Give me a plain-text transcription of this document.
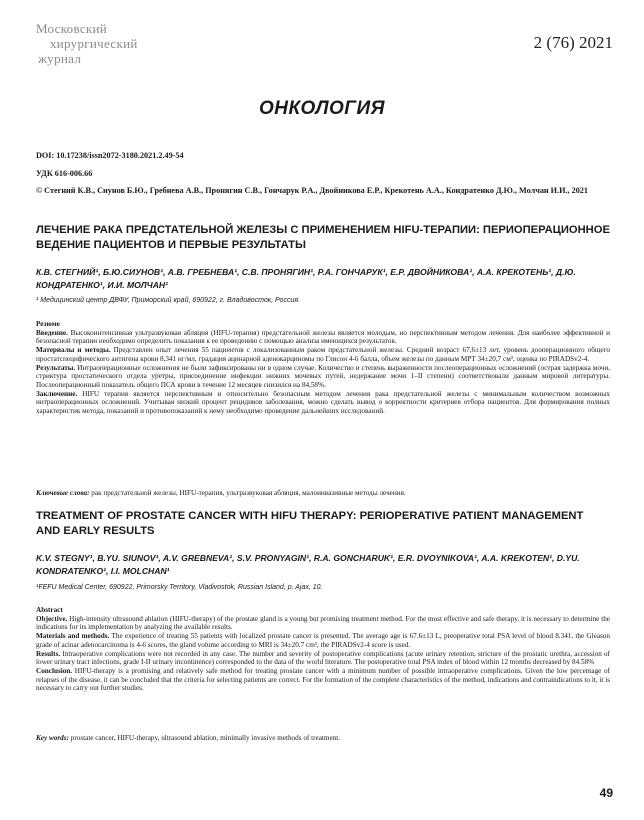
Московский
хирургический
журнал
2 (76) 2021
ОНКОЛОГИЯ
DOI: 10.17238/issn2072-3180.2021.2.49-54
УДК 616-006.66
© Стегний К.В., Сиунов Б.Ю., Гребнева А.В., Пронягин С.В., Гончарук Р.А., Двойникова Е.Р., Крекотень А.А., Кондратенко Д.Ю., Молчан И.И., 2021
ЛЕЧЕНИЕ РАКА ПРЕДСТАТЕЛЬНОЙ ЖЕЛЕЗЫ С ПРИМЕНЕНИЕМ HIFU-ТЕРАПИИ: ПЕРИОПЕРАЦИОННОЕ ВЕДЕНИЕ ПАЦИЕНТОВ И ПЕРВЫЕ РЕЗУЛЬТАТЫ
К.В. СТЕГНИЙ¹, Б.Ю.СИУНОВ¹, А.В. ГРЕБНЕВА¹, С.В. ПРОНЯГИН¹, Р.А. ГОНЧАРУК¹, Е.Р. ДВОЙНИКОВА¹, А.А. КРЕКОТЕНЬ¹, Д.Ю. КОНДРАТЕНКО¹, И.И. МОЛЧАН¹
¹ Медицинский центр ДВФУ, Приморский край, 690922, г. Владивосток, Россия.

Резюме

Введение. Высокоинтенсивная ультразвуковая абляция (HIFU-терапия) предстательной железы является молодым, но перспективным методом лечения. Для наиболее эффективной и безопасной терапии необходимо определить показания к ее проведению с помощью анализа имеющихся результатов.

Материалы и методы. Представлен опыт лечения 55 пациентов с локализованным раком предстательной железы. Средний возраст 67,6±13 лет, уровень дооперационного общего простатспецифического антигена крови 8,341 нг/мл, градация ацинарной аденокарциномы по Глисон 4-6 балла, объем железы по данным МРТ 34±20,7 см³, оценка по PIRADSv2-4.

Результаты. Интраоперационные осложнения не были зафиксированы ни в одном случае. Количество и степень выраженности послеоперационных осложнений (острая задержка мочи, стриктура простатического отдела уретры, присоединение инфекции нижних мочевых путей, недержание мочи 1–II степени) соответствовали данным мировой литературы. Послеоперационный показатель общего ПСА крови в течение 12 месяцев снизился на 84,58%.

Заключение. HIFU терапия является перспективным и относительно безопасным методом лечения рака предстательной железы с минимальным количеством возможных интраоперационных осложнений. Учитывая низкий процент рецидивов заболевания, можно сделать вывод о корректности критериев отбора пациентов. Для формирования полных характеристик метода, показаний и противопоказаний к нему необходимо проведение дальнейших исследований.

Ключевые слова: рак предстательной железы, HIFU-терапия, ультразвуковая абляция, малоинвазивные методы лечения.
TREATMENT OF PROSTATE CANCER WITH HIFU THERAPY: PERIOPERATIVE PATIENT MANAGEMENT AND EARLY RESULTS
K.V. STEGNY¹, B.YU. SIUNOV¹, A.V. GREBNEVA¹, S.V. PRONYAGIN¹, R.A. GONCHARUK¹, E.R. DVOYNIKOVA¹, A.A. KREKOTEN¹, D.YU. KONDRATENKO¹, I.I. MOLCHAN¹
¹FEFU Medical Center, 690922, Primorsky Territory, Vladivostok, Russian Island, p. Ajax, 10.

Abstract

Objective. High-intensity ultrasound ablation (HIFU-therapy) of the prostate gland is a young but promising treatment method. For the most effective and safe therapy, it is necessary to determine the indications for its implementation by analyzing the available results.

Materials and methods. The experience of treating 55 patients with localized prostate cancer is presented. The average age is 67.6±13 L, preoperative total PSA level of blood 8.341, the Gleason grade of acinar adenocarcinoma is 4-6 scores, the gland volume according to MRI is 34±20.7 cm³, the PIRADSv2-4 score is used.

Results. Intraoperative complications were not recorded in any case. The number and severity of postoperative complications (acute urinary retention, stricture of the prostatic urethra, accession of lower urinary tract infections, grade I-II urinary incontinence) corresponded to the data of the world literature. The postoperative total PSA index of blood within 12 months decreased by 84.58%

Conclusion. HIFU-therapy is a promising and relatively safe method for treating prostate cancer with a minimum number of possible intraoperative complications. Given the low percentage of relapses of the disease, it can be concluded that the criteria for selecting patients are correct. For the formation of the complete characteristics of the method, indications and contraindications to it, it is necessary to carry out further studies.

Key words: prostate cancer, HIFU-therapy, ultrasound ablation, minimally invasive methods of treatment.
49
